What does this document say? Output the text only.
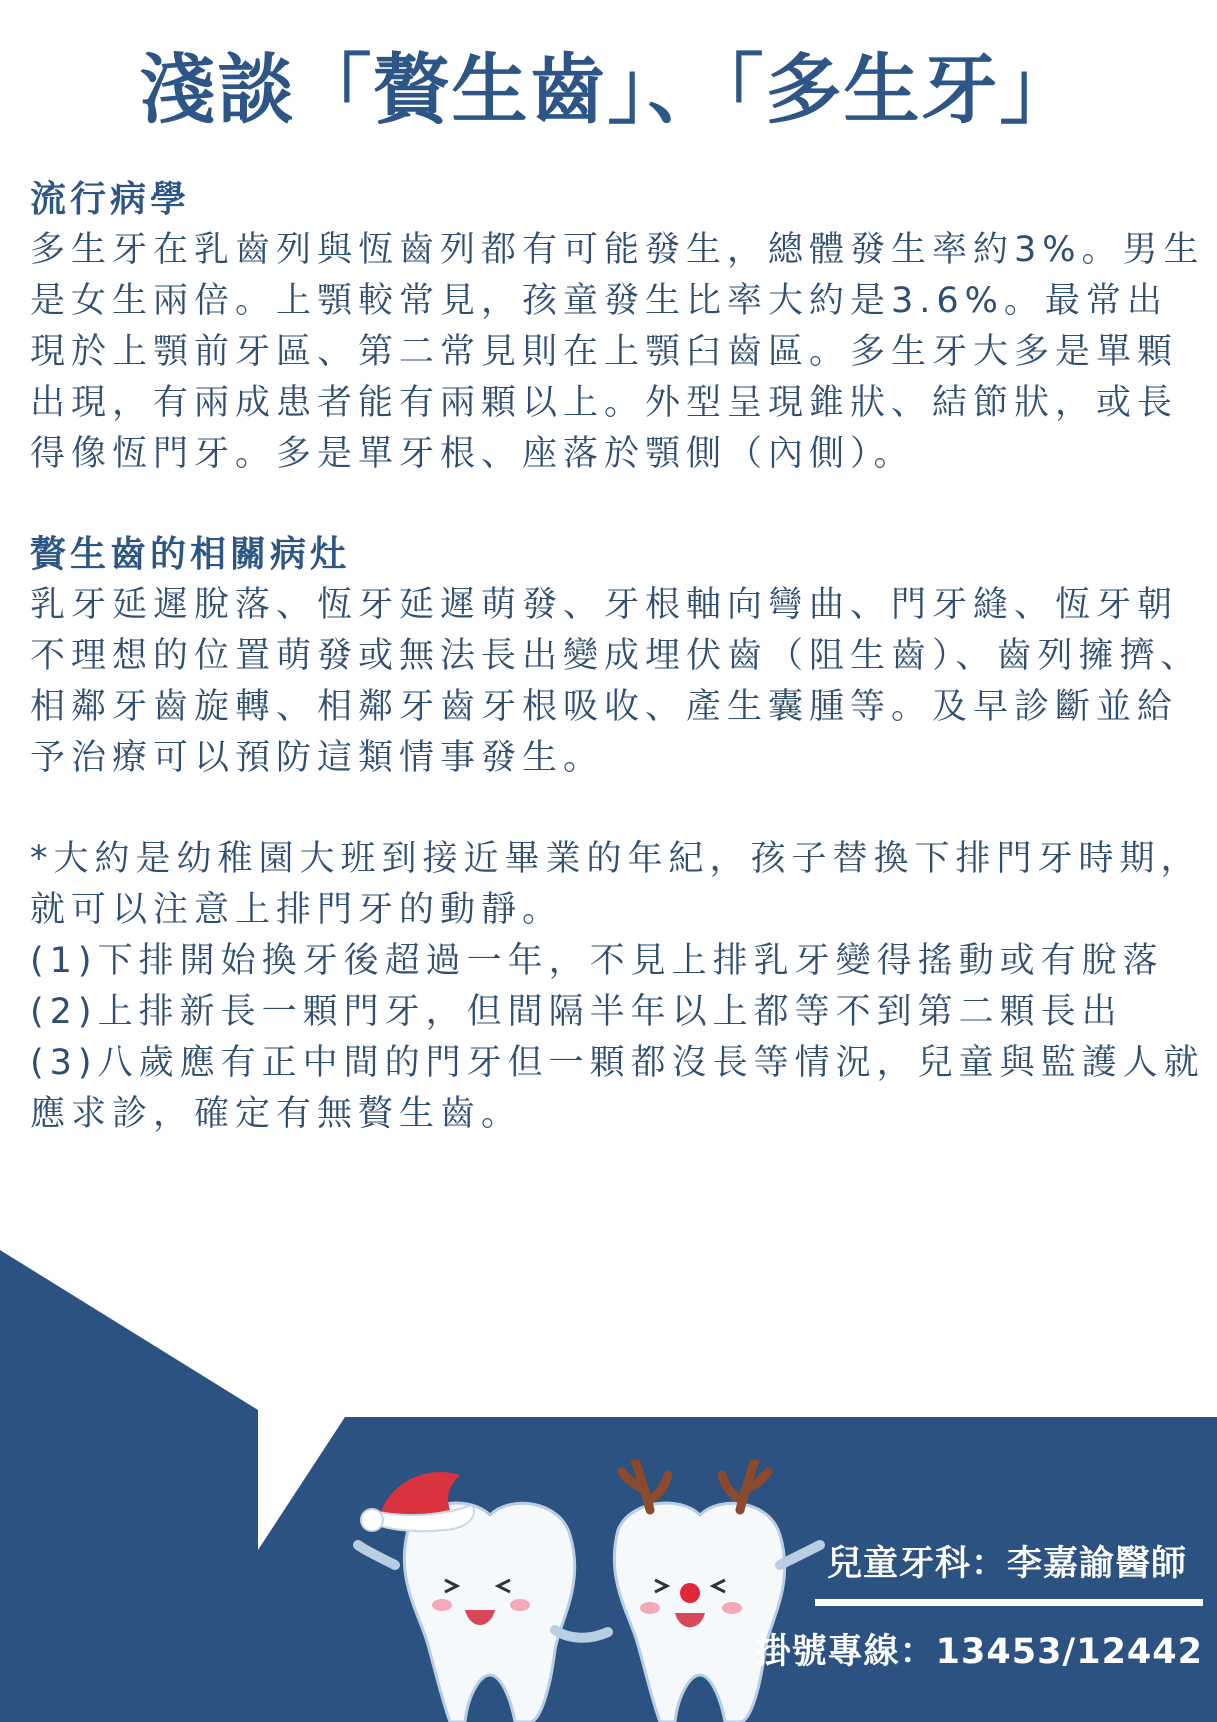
淺談「贅生齒」、「多生牙」

流行病學

多生牙在乳齒列與恆齒列都有可能發生，總體發生率約3%。男生是女生兩倍。上顎較常見，孩童發生比率大約是3.6%。最常出現於上顎前牙區、第二常見則在上顎臼齒區。多生牙大多是單顆出現，有兩成患者能有兩顆以上。外型呈現錐狀、結節狀，或長得像恆門牙。多是單牙根、座落於顎側（內側）。

贅生齒的相關病灶

乳牙延遲脫落、恆牙延遲萌發、牙根軸向彎曲、門牙縫、恆牙朝不理想的位置萌發或無法長出變成埋伏齒（阻生齒）、齒列擁擠、相鄰牙齒旋轉、相鄰牙齒牙根吸收、產生囊腫等。及早診斷並給予治療可以預防這類情事發生。

*大約是幼稚園大班到接近畢業的年紀，孩子替換下排門牙時期，就可以注意上排門牙的動靜。

(1)下排開始換牙後超過一年，不見上排乳牙變得搖動或有脫落

(2)上排新長一顆門牙，但間隔半年以上都等不到第二顆長出

(3)八歲應有正中間的門牙但一顆都沒長等情況，兒童與監護人就應求診，確定有無贅生齒。

兒童牙科：李嘉諭醫師
掛號專線：13453/12442
